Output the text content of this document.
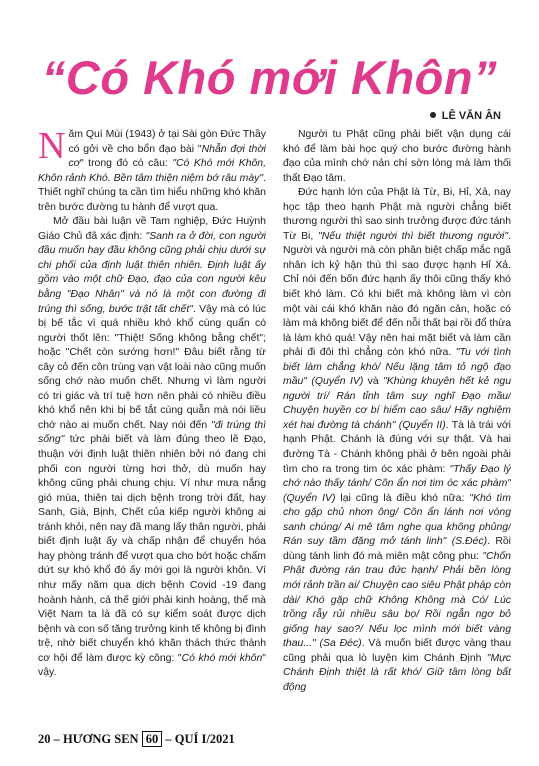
“Có Khó mới Khôn”
LÊ VĂN ÂN

Năm Quí Mùi (1943) ở tại Sài gòn Đức Thầy có gởi về cho bổn đạo bài "Nhẫn đợi thời cơ" trong đó có câu: "Có Khó mới Khôn, Khôn rảnh Khó. Bền tâm thiện niệm bớ râu mày". Thiết nghĩ chúng ta cần tìm hiểu những khó khăn trên bước đường tu hành để vượt qua.

Mở đầu bài luận về Tam nghiệp, Đức Huỳnh Giáo Chủ đã xác định: "Sanh ra ở đời, con người đầu muốn hay đầu không cũng phải chịu dưới sự chi phối của định luật thiên nhiên. Định luật ấy gồm vào một chữ Đạo, đạo của con người kêu bằng "Đạo Nhân" và nó là một con đường đi trúng thì sống, bước trật tất chết". Vậy mà có lúc bị bế tắc vì quá nhiều khó khổ cùng quẩn có người thốt lên: "Thiệt! Sống không bằng chết"; hoặc "Chết còn sướng hơn!" Đâu biết rằng từ cây cỏ đến côn trùng vạn vật loài nào cũng muốn sống chớ nào muốn chết. Nhưng vì làm người có tri giác và trí tuệ hơn nên phải có nhiều điều khó khổ nên khi bị bế tắt cùng quẫn mà nói liều chớ nào ai muốn chết. Nay nói đến "đi trúng thì sống" tức phải biết và làm đúng theo lẽ Đạo, thuận với định luật thiên nhiên bởi nó đang chi phối con người từng hơi thở, dù muốn hay không cũng phải chung chịu. Ví như mưa nắng gió mùa, thiên tai dịch bệnh trong trời đất, hay Sanh, Già, Bịnh, Chết của kiếp người không ai tránh khỏi, nên nay đã mang lấy thân người, phải biết định luật ấy và chấp nhận để chuyển hóa hay phòng tránh để vượt qua cho bớt hoặc chấm dứt sự khó khổ đó ấy mới gọi là người khôn. Ví như mấy năm qua dịch bệnh Covid -19 đang hoành hành, cả thế giới phải kinh hoàng, thế mà Việt Nam ta là đã có sự kiểm soát được dịch bệnh và con số tăng trưởng kinh tế không bị đình trệ, nhờ biết chuyển khó khăn thách thức thành cơ hội để làm được kỳ công: "Có khó mới khôn" vậy.

Người tu Phật cũng phải biết vận dụng cái khó để làm bài học quý cho bước đường hành đạo của mình chớ nản chí sờn lòng mà làm thối thất Đạo tâm.

Đức hạnh lớn của Phật là Từ, Bi, Hỉ, Xả, nay học tập theo hạnh Phật mà người chẳng biết thương người thì sao sinh trưởng được đức tánh Từ Bi, "Nếu thiệt người thì biết thương người". Người và người mà còn phân biệt chấp mắc ngã nhân ích kỷ hận thù thì sao được hạnh Hỉ Xả. Chỉ nói đến bốn đức hạnh ấy thôi cũng thấy khó biết khó làm. Có khi biết mà không làm vì còn một vài cái khó khăn nào đó ngăn cản, hoặc có làm mà không biết để đến nỗi thất bại rồi đổ thừa là làm khó quá! Vậy nên hai mặt biết và làm cần phải đi đôi thì chẳng còn khó nữa. "Tu với tình biết làm chẳng khó/ Nếu lặng tâm tỏ ngộ đạo mầu" (Quyển IV) và "Khùng khuyên hết kẻ ngu người trí/ Rán tỉnh tâm suy nghĩ Đạo mầu/ Chuyện huyền cơ bí hiểm cao sâu/ Hãy nghiệm xét hai đường tà chánh" (Quyển II). Tà là trái với hạnh Phật. Chánh là đúng với sự thật. Và hai đường Tà - Chánh không phải ở bên ngoài phải tìm cho ra trong tim óc xác phàm: "Thấy Đạo lý chớ nào thấy tánh/ Cõn ẩn nơi tim óc xác phàm" (Quyển IV) lại cũng là điều khó nữa: "Khó tìm cho gặp chủ nhơn ông/ Cõn ẩn lánh nơi vòng sanh chúng/ Ai mê tâm nghe qua không phủng/ Rán suy tầm đặng mở tánh linh" (S.Đéc). Rồi dùng tánh linh đó mà miên mật công phu: "Chốn Phật đường rán trau đức hạnh/ Phải bền lòng mới rảnh trần ai/ Chuyện cao siêu Phật pháp còn dài/ Khó gặp chữ Không Không mà Có/ Lúc trồng rẫy rủi nhiều sâu bọ/ Rồi ngẫn ngơ bỏ giống hay sao?/ Nếu lọc mình mới biết vàng thau..." (Sa Đéc). Và muốn biết được vàng thau cũng phải qua lò luyện kim Chánh Định "Mực Chánh Định thiệt là rất khó/ Giữ tâm lòng bất động

20 – HƯƠNG SEN 60 – QUÍ I/2021
